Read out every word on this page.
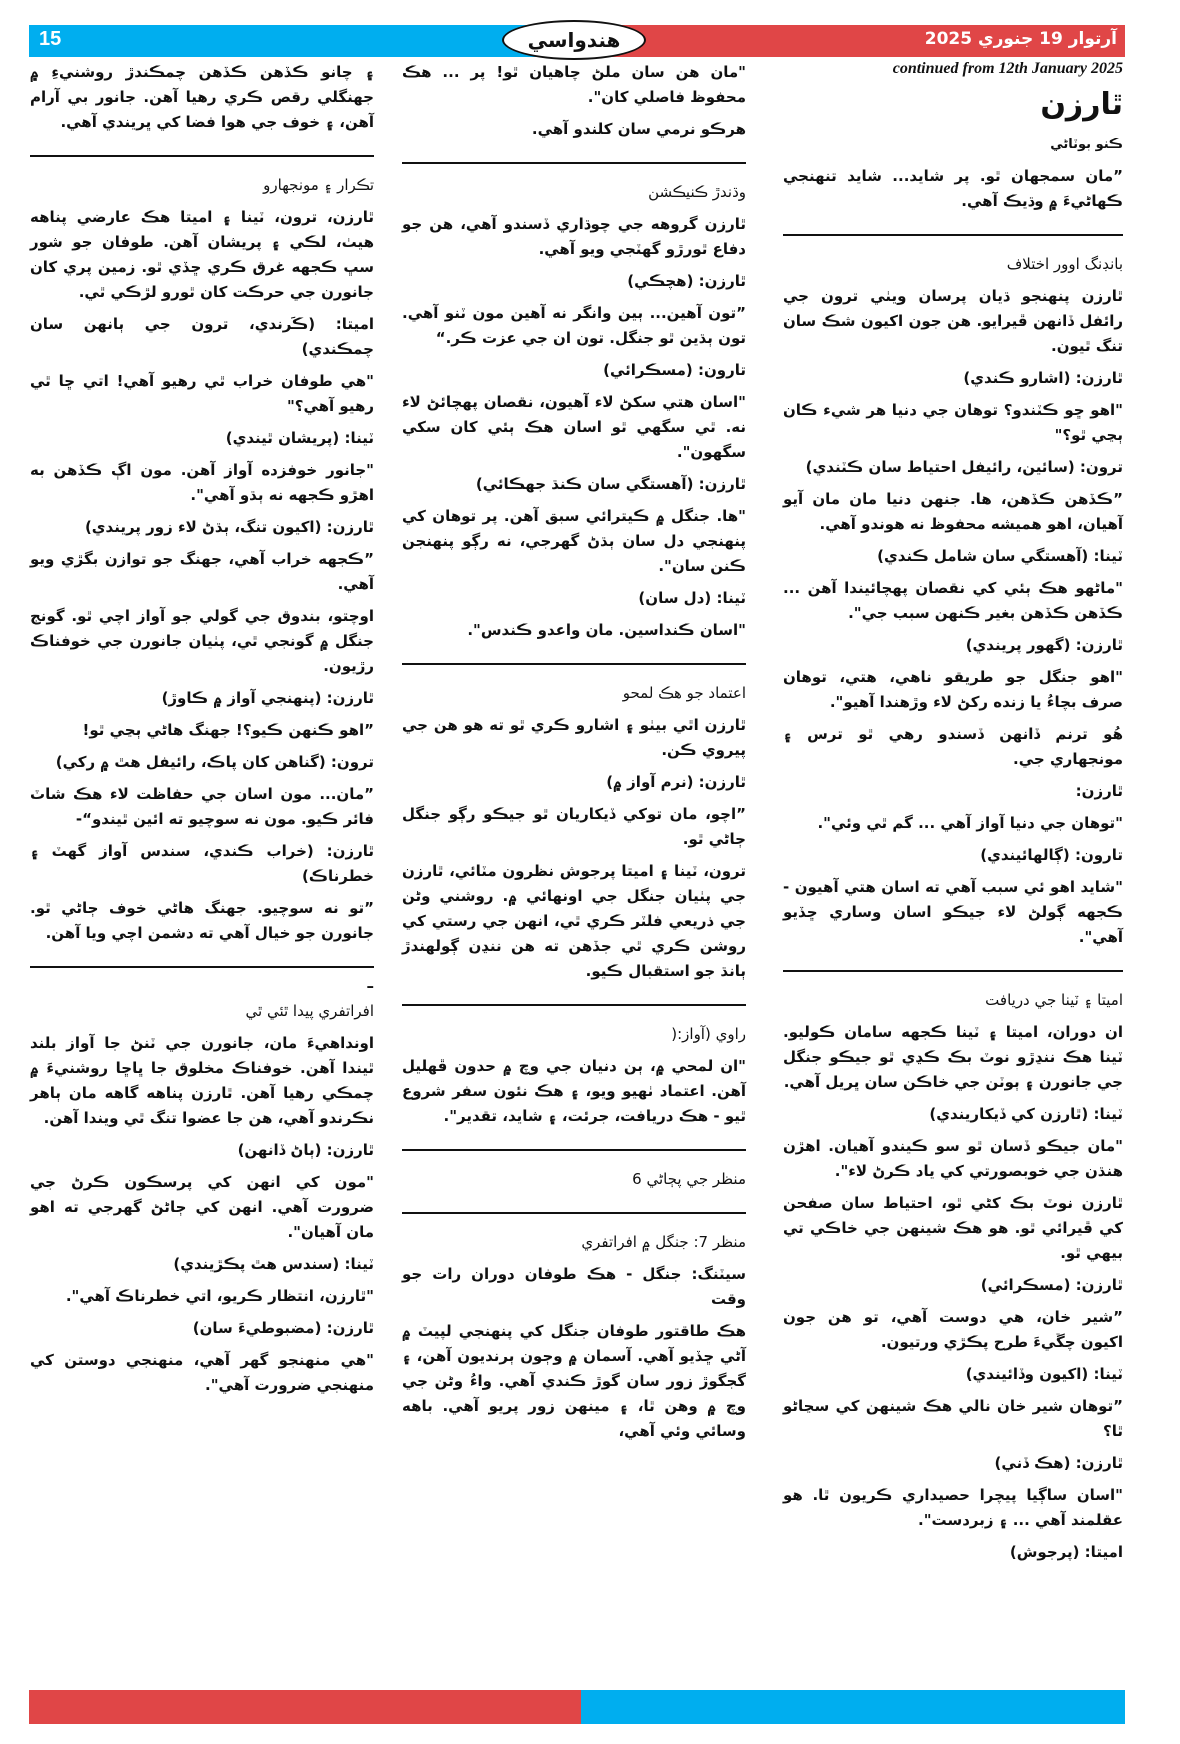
15	آرتوار 19 جنوري 2025
هندواسي

continued from 12th January 2025

ٿارزن

ڪنو بوٽاڻي

”مان سمجهان ٿو. پر شايد... شايد تنهنجي ڪهاڻيءَ ۾ وڌيڪ آهي.

بانڊنگ اوور اختلاف

ٿارزن پنهنجو ڌيان پرسان ويٺي ترون جي رائفل ڏانهن ڦيرايو. هن جون اکيون شڪ سان تنگ ٿيون.

ٿارزن: (اشارو ڪندي)

"اهو ڇو ڪٽندو؟ توهان جي دنيا هر شيء ڪان ٻڃي ٿو؟"

ترون: (سائين، رائيفل احتياط سان ڪٽندي)

”ڪڏهن ڪڏهن، ها. جنهن دنيا مان مان آيو آهيان، اهو هميشه محفوظ نه هوندو آهي.

ٽينا: (آهستگي سان شامل ڪندي)

"ماڻهو هڪ ٻئي کي نقصان پهچائيندا آهن ... ڪڏهن ڪڏهن بغير ڪنهن سبب جي".

ٿارزن: (گهور پريندي)

"اهو جنگل جو طريقو ناهي، هتي، توهان صرف بچاءُ يا زنده رکڻ لاء وڙهندا آهيو".

هُو ترنم ڏانهن ڏسندو رهي ٿو ترس ۽ مونجهاري جي.

ٿارزن:

"توهان جي دنيا آواز آهي ... گم ٿي وئي".

تارون: (ڳالهائيندي)

"شايد اهو ئي سبب آهي ته اسان هتي آهيون - ڪجهه ڳولڻ لاء جيڪو اسان وساري ڇڏيو آهي".

اميتا ۽ ٽينا جي دريافت

ان دوران، اميتا ۽ ٽينا ڪجهه سامان ڪوليو. ٽينا هڪ ننڍڙو نوٽ بڪ ڪڍي ٿو جيڪو جنگل جي جانورن ۽ ٻوٽن جي خاڪن سان ڀريل آهي.

ٽينا: (ٿارزن کي ڏيکاريندي)

"مان جيڪو ڏسان ٿو سو ڪيندو آهيان. اهڙن هنڌن جي خوبصورتي کي ياد ڪرڻ لاء".

ٿارزن نوٽ بڪ کڻي ٿو، احتياط سان صفحن کي ڦيرائي ٿو. هو هڪ شينهن جي خاڪي تي بيهي ٿو.

ٿارزن: (مسڪرائي)

”شير خان، هي دوست آهي، تو هن جون اکيون چڱيءَ طرح پڪڙي ورتيون.

ٽينا: (اکيون وڏائيندي)

”توهان شير خان نالي هڪ شينهن کي سڃاڻو ٿا؟

ٿارزن: (هڪ ڏني)

"اسان ساڳيا پيچرا حصيداري ڪريون ٿا. هو عقلمند آهي ... ۽ زبردست".

اميتا: (پرجوش)

"مان هن سان ملڻ چاهيان ٿو! پر ... هڪ محفوظ فاصلي کان".

هرڪو نرمي سان کلندو آهي.

وڌندڙ ڪنيڪشن

ٿارزن گروهه جي چوڌاري ڏسندو آهي، هن جو دفاع ٿورڙو گهٽجي ويو آهي.

ٿارزن: (هچڪي)

”تون آهين... ٻين وانگر نه آهين مون ٽنو آهي. تون ٻڌين ٿو جنگل. تون ان جي عزت ڪر.“

تارون: (مسڪرائي)

"اسان هتي سکڻ لاء آهيون، نقصان پهچائڻ لاء نه. ٿي سگهي ٿو اسان هڪ ٻئي کان سکي سگهون".

ٿارزن: (آهستگي سان ڪنڌ جهڪائي)

"ها. جنگل ۾ ڪيترائي سبق آهن. پر توهان کي پنهنجي دل سان ٻڌڻ گهرجي، نه رڳو پنهنجن ڪنن سان".

ٽينا: (دل سان)

"اسان ڪنداسين. مان واعدو ڪندس".

اعتماد جو هڪ لمحو

ٿارزن اٿي بيٺو ۽ اشارو ڪري ٿو ته هو هن جي پيروي ڪن.

ٿارزن: (نرم آواز ۾)

”اچو، مان توکي ڏيکاريان ٿو جيڪو رڳو جنگل ڄاڻي ٿو.

ترون، ٽينا ۽ اميتا پرجوش نظرون مٽائي، ٿارزن جي پٺيان جنگل جي اونهائي ۾. روشني وڻن جي ذريعي فلٽر ڪري ٿي، انهن جي رستي کي روشن ڪري ٿي جڏهن ته هن ننڍن ڳولهندڙ ٻانڌ جو استقبال ڪيو.

راوي (آواز:(

"ان لمحي ۾، ٻن دنيان جي وچ ۾ حدون ڦهليل آهن. اعتماد ٺهيو ويو، ۽ هڪ نئون سفر شروع ٿيو - هڪ دريافت، جرئت، ۽ شايد، تقدير".

منظر جي پڄاڻي 6
منظر 7: جنگل ۾ افراتفري

سيٽنگ: جنگل - هڪ طوفان دوران رات جو وقت

هڪ طاقتور طوفان جنگل کي پنهنجي لپيٽ ۾ آڻي ڇڏيو آهي. آسمان ۾ وڄون ٻرنديون آهن، ۽ گجگوڙ زور سان گوڙ ڪندي آهي. واءُ وڻن جي وچ ۾ وهن ٿا، ۽ مينهن زور پريو آهي. باهه وسائي وئي آهي،

۽ چانو ڪڏهن ڪڏهن چمڪندڙ روشنيءِ ۾ جهنگلي رقص ڪري رهيا آهن. جانور بي آرام آهن، ۽ خوف جي هوا فضا کي ڀريندي آهي.

تڪرار ۽ مونجهارو

ٿارزن، ترون، ٽينا ۽ اميتا هڪ عارضي پناهه هيٺ، لڪي ۽ پريشان آهن. طوفان جو شور سڀ ڪجهه غرق ڪري ڇڏي ٿو. زمين پري کان جانورن جي حرڪت کان ٿورو لڙڪي ٿي.

اميتا: (ڪَرندي، ترون جي ٻانهن سان چمڪندي)

"هي طوفان خراب ٿي رهيو آهي! اتي ڇا ٿي رهيو آهي؟"

ٽينا: (پريشان ٿيندي)

"جانور خوفزده آواز آهن. مون اڳ ڪڏهن به اهڙو ڪجهه نه ٻڌو آهي".

ٿارزن: (اکيون تنگ، ٻڌڻ لاء زور پريندي)

”ڪجهه خراب آهي، جهنگ جو توازن بگڙي ويو آهي.

اوچتو، بندوق جي گولي جو آواز اچي ٿو. گونج جنگل ۾ گونجي ٿي، پٺيان جانورن جي خوفناڪ رڙيون.

ٿارزن: (پنهنجي آواز ۾ ڪاوڙ)

”اهو ڪنهن ڪيو؟! جهنگ هاڻي ٻڃي ٿو!

ترون: (گناهن کان پاڪ، رائيفل هٿ ۾ رکي)

”مان... مون اسان جي حفاظت لاء هڪ شاٽ فائر ڪيو. مون نه سوچيو ته ائين ٿيندو“-

ٿارزن: (خراب ڪندي، سندس آواز گهٽ ۽ خطرناڪ)

”تو نه سوچيو. جهنگ هاڻي خوف ڄاڻي ٿو. جانورن جو خيال آهي ته دشمن اچي ويا آهن.

–
افراتفري پيدا ٿئي ٿي

اونداهيءَ مان، جانورن جي ٽنڻ جا آواز بلند ٿيندا آهن. خوفناڪ مخلوق جا ڀاڇا روشنيءَ ۾ چمڪي رهيا آهن. ٿارزن پناهه گاهه مان ٻاهر نڪرندو آهي، هن جا عضوا تنگ ٿي ويندا آهن.

ٿارزن: (ٻاڻ ڏانهن)

"مون کي انهن کي پرسڪون ڪرڻ جي ضرورت آهي. انهن کي ڄاڻڻ گهرجي ته اهو مان آهيان".

ٽينا: (سندس هٿ پڪڙيندي)

"ٿارزن، انتظار ڪريو، اتي خطرناڪ آهي".

ٿارزن: (مضبوطيءَ سان)

"هي منهنجو گهر آهي، منهنجي دوستن کي منهنجي ضرورت آهي".
